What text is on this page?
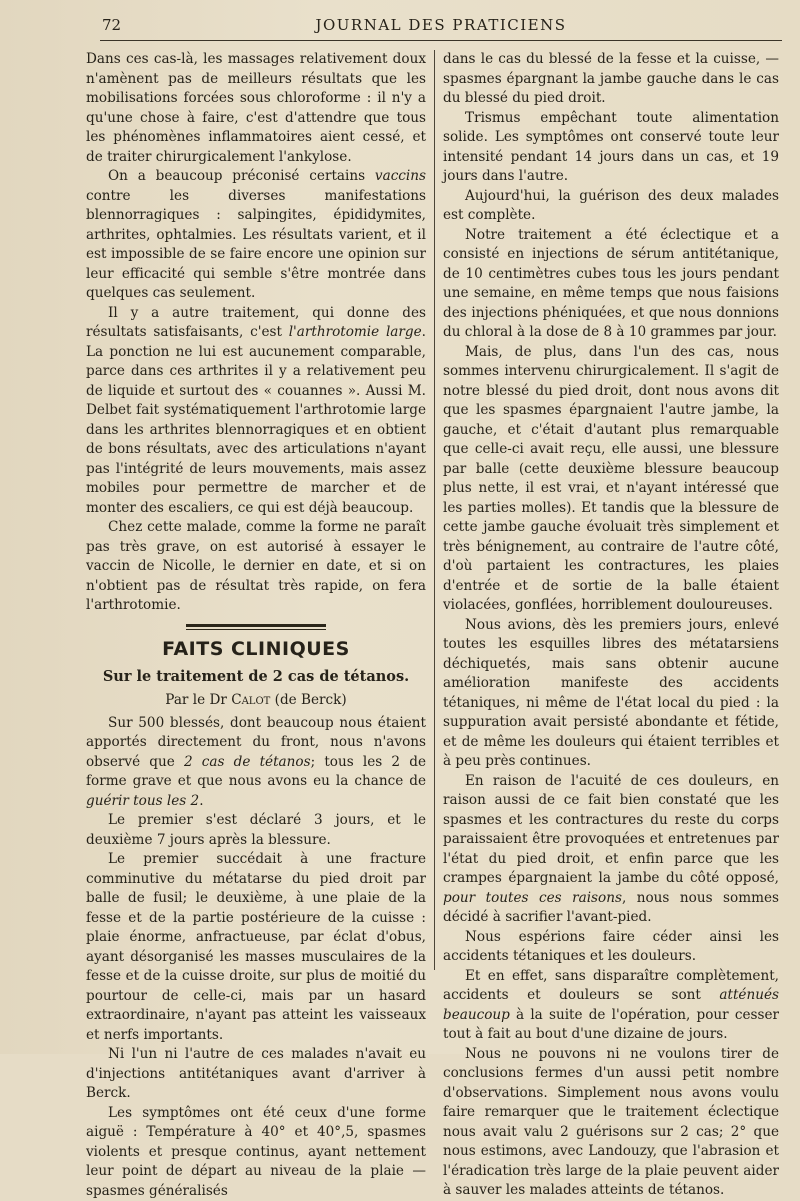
72	JOURNAL DES PRATICIENS

Dans ces cas-là, les massages relativement doux n'amènent pas de meilleurs résultats que les mobilisations forcées sous chloroforme : il n'y a qu'une chose à faire, c'est d'attendre que tous les phénomènes inflammatoires aient cessé, et de traiter chirurgicalement l'ankylose.

On a beaucoup préconisé certains vaccins contre les diverses manifestations blennorragiques : salpingites, épididymites, arthrites, ophtalmies. Les résultats varient, et il est impossible de se faire encore une opinion sur leur efficacité qui semble s'être montrée dans quelques cas seulement.

Il y a autre traitement, qui donne des résultats satisfaisants, c'est l'arthrotomie large. La ponction ne lui est aucunement comparable, parce dans ces arthrites il y a relativement peu de liquide et surtout des « couannes ». Aussi M. Delbet fait systématiquement l'arthrotomie large dans les arthrites blennorragiques et en obtient de bons résultats, avec des articulations n'ayant pas l'intégrité de leurs mouvements, mais assez mobiles pour permettre de marcher et de monter des escaliers, ce qui est déjà beaucoup.

Chez cette malade, comme la forme ne paraît pas très grave, on est autorisé à essayer le vaccin de Nicolle, le dernier en date, et si on n'obtient pas de résultat très rapide, on fera l'arthrotomie.

FAITS CLINIQUES
Sur le traitement de 2 cas de tétanos.
Par le Dr Calot (de Berck)

Sur 500 blessés, dont beaucoup nous étaient apportés directement du front, nous n'avons observé que 2 cas de tétanos; tous les 2 de forme grave et que nous avons eu la chance de guérir tous les 2.

Le premier s'est déclaré 3 jours, et le deuxième 7 jours après la blessure.

Le premier succédait à une fracture comminutive du métatarse du pied droit par balle de fusil; le deuxième, à une plaie de la fesse et de la partie postérieure de la cuisse : plaie énorme, anfractueuse, par éclat d'obus, ayant désorganisé les masses musculaires de la fesse et de la cuisse droite, sur plus de moitié du pourtour de celle-ci, mais par un hasard extraordinaire, n'ayant pas atteint les vaisseaux et nerfs importants.

Ni l'un ni l'autre de ces malades n'avait eu d'injections antitétaniques avant d'arriver à Berck.

Les symptômes ont été ceux d'une forme aiguë : Température à 40° et 40°,5, spasmes violents et presque continus, ayant nettement leur point de départ au niveau de la plaie — spasmes généralisés

dans le cas du blessé de la fesse et la cuisse, — spasmes épargnant la jambe gauche dans le cas du blessé du pied droit.

Trismus empêchant toute alimentation solide. Les symptômes ont conservé toute leur intensité pendant 14 jours dans un cas, et 19 jours dans l'autre.

Aujourd'hui, la guérison des deux malades est complète.

Notre traitement a été éclectique et a consisté en injections de sérum antitétanique, de 10 centimètres cubes tous les jours pendant une semaine, en même temps que nous faisions des injections phéniquées, et que nous donnions du chloral à la dose de 8 à 10 grammes par jour.

Mais, de plus, dans l'un des cas, nous sommes intervenu chirurgicalement. Il s'agit de notre blessé du pied droit, dont nous avons dit que les spasmes épargnaient l'autre jambe, la gauche, et c'était d'autant plus remarquable que celle-ci avait reçu, elle aussi, une blessure par balle (cette deuxième blessure beaucoup plus nette, il est vrai, et n'ayant intéressé que les parties molles). Et tandis que la blessure de cette jambe gauche évoluait très simplement et très bénignement, au contraire de l'autre côté, d'où partaient les contractures, les plaies d'entrée et de sortie de la balle étaient violacées, gonflées, horriblement douloureuses.

Nous avions, dès les premiers jours, enlevé toutes les esquilles libres des métatarsiens déchiquetés, mais sans obtenir aucune amélioration manifeste des accidents tétaniques, ni même de l'état local du pied : la suppuration avait persisté abondante et fétide, et de même les douleurs qui étaient terribles et à peu près continues.

En raison de l'acuité de ces douleurs, en raison aussi de ce fait bien constaté que les spasmes et les contractures du reste du corps paraissaient être provoquées et entretenues par l'état du pied droit, et enfin parce que les crampes épargnaient la jambe du côté opposé, pour toutes ces raisons, nous nous sommes décidé à sacrifier l'avant-pied.

Nous espérions faire céder ainsi les accidents tétaniques et les douleurs.

Et en effet, sans disparaître complètement, accidents et douleurs se sont atténués beaucoup à la suite de l'opération, pour cesser tout à fait au bout d'une dizaine de jours.

Nous ne pouvons ni ne voulons tirer de conclusions fermes d'un aussi petit nombre d'observations. Simplement nous avons voulu faire remarquer que le traitement éclectique nous avait valu 2 guérisons sur 2 cas; 2° que nous estimons, avec Landouzy, que l'abrasion et l'éradication très large de la plaie peuvent aider à sauver les malades atteints de tétanos.
